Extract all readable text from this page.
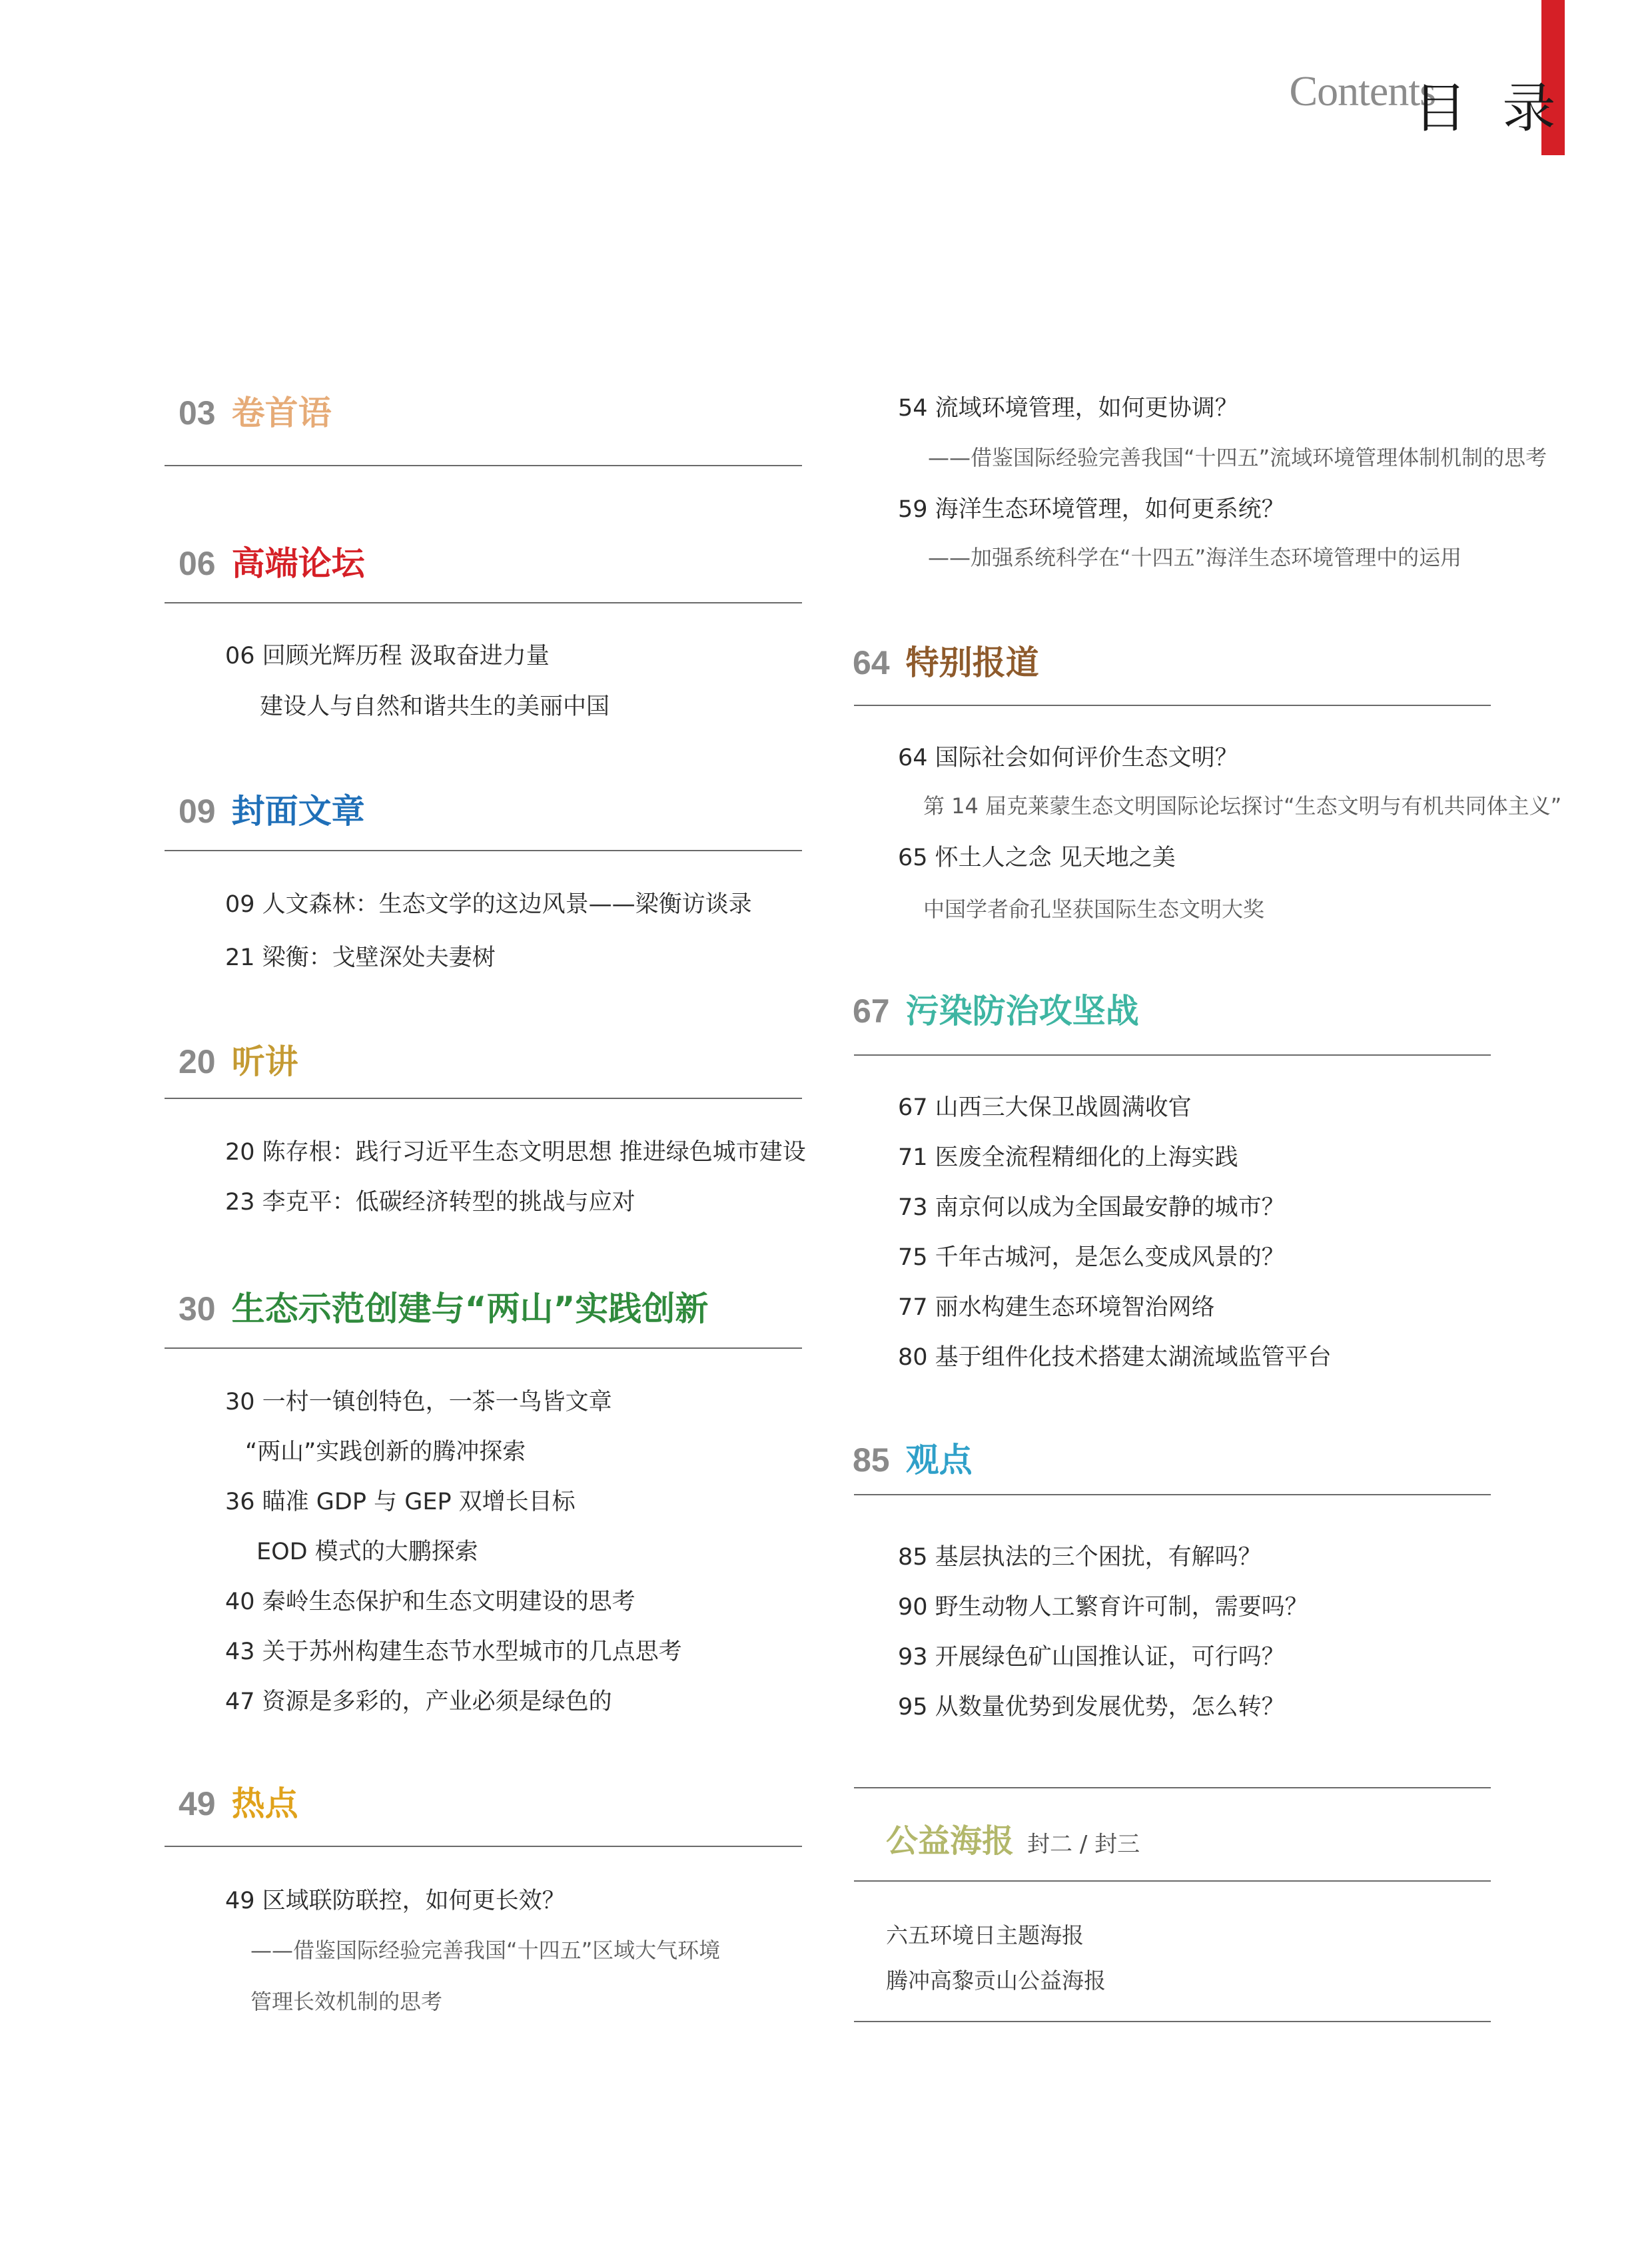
Contents
目 录
03 卷首语
06 高端论坛
06 回顾光辉历程 汲取奋进力量
建设人与自然和谐共生的美丽中国
09 封面文章
09 人文森林：生态文学的这边风景——梁衡访谈录
21 梁衡：戈壁深处夫妻树
20 听讲
20 陈存根：践行习近平生态文明思想 推进绿色城市建设
23 李克平：低碳经济转型的挑战与应对
30 生态示范创建与“两山”实践创新
30 一村一镇创特色，一茶一鸟皆文章
“两山”实践创新的腾冲探索
36 瞄准 GDP 与 GEP 双增长目标
EOD 模式的大鹏探索
40 秦岭生态保护和生态文明建设的思考
43 关于苏州构建生态节水型城市的几点思考
47 资源是多彩的，产业必须是绿色的
49 热点
49 区域联防联控，如何更长效？
——借鉴国际经验完善我国“十四五”区域大气环境
管理长效机制的思考
54 流域环境管理，如何更协调？
——借鉴国际经验完善我国“十四五”流域环境管理体制机制的思考
59 海洋生态环境管理，如何更系统？
——加强系统科学在“十四五”海洋生态环境管理中的运用
64 特别报道
64 国际社会如何评价生态文明？
第 14 届克莱蒙生态文明国际论坛探讨“生态文明与有机共同体主义”
65 怀土人之念 见天地之美
中国学者俞孔坚获国际生态文明大奖
67 污染防治攻坚战
67 山西三大保卫战圆满收官
71 医废全流程精细化的上海实践
73 南京何以成为全国最安静的城市？
75 千年古城河，是怎么变成风景的？
77 丽水构建生态环境智治网络
80 基于组件化技术搭建太湖流域监管平台
85 观点
85 基层执法的三个困扰，有解吗？
90 野生动物人工繁育许可制，需要吗？
93 开展绿色矿山国推认证，可行吗？
95 从数量优势到发展优势，怎么转？
公益海报 封二 / 封三
六五环境日主题海报
腾冲高黎贡山公益海报
